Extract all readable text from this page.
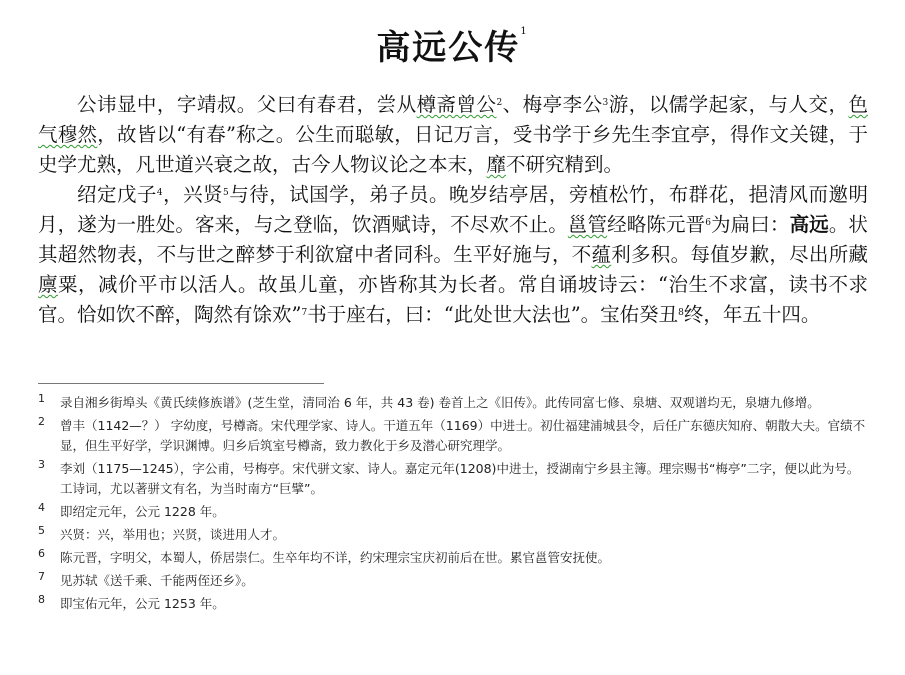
高远公传$^1$

公讳显中，字靖叔。父曰有春君，尝从樽斋曾公$^2$、梅亭李公$^3$游，以儒学起家，与人交，色气穆然，故皆以“有春”称之。公生而聪敏，日记万言，受书学于乡先生李宜亭，得作文关键，于史学尤熟，凡世道兴衰之故，古今人物议论之本末，靡不研究精到。

绍定戊子$^4$，兴贤$^5$与待，试国学，弟子员。晚岁结亭居，旁植松竹，布群花，挹清风而邀明月，遂为一胜处。客来，与之登临，饮酒赋诗，不尽欢不止。邕管经略陈元晋$^6$为扁曰：高远。状其超然物表，不与世之醉梦于利欲窟中者同科。生平好施与，不蕴利多积。每值岁歉，尽出所藏廪粟，减价平市以活人。故虽儿童，亦皆称其为长者。常自诵坡诗云：“治生不求富，读书不求官。恰如饮不醉，陶然有馀欢”$^7$书于座右，曰：“此处世大法也”。宝佑癸丑$^8$终，年五十四。

1	录自湘乡街埠头《黄氏续修族谱》(芝生堂，清同治 6 年，共 43 卷) 卷首上之《旧传》。此传同富七修、泉塘、双观谱均无，泉塘九修增。
2	曾丰（1142—？） 字幼度，号樽斋。宋代理学家、诗人。干道五年（1169）中进士。初仕福建浦城县令，后任广东德庆知府、朝散大夫。官绩不显，但生平好学，学识渊博。归乡后筑室号樽斋，致力教化于乡及潜心研究理学。
3	李刘（1175—1245），字公甫，号梅亭。宋代骈文家、诗人。嘉定元年(1208)中进士，授湖南宁乡县主簿。理宗赐书“梅亭”二字，便以此为号。工诗词，尤以著骈文有名，为当时南方“巨擘”。
4	即绍定元年，公元 1228 年。
5	兴贤：兴，举用也；兴贤，谈进用人才。
6	陈元晋，字明父，本蜀人，侨居崇仁。生卒年均不详，约宋理宗宝庆初前后在世。累官邕管安抚使。
7	见苏轼《送千乘、千能两侄还乡》。
8	即宝佑元年，公元 1253 年。
